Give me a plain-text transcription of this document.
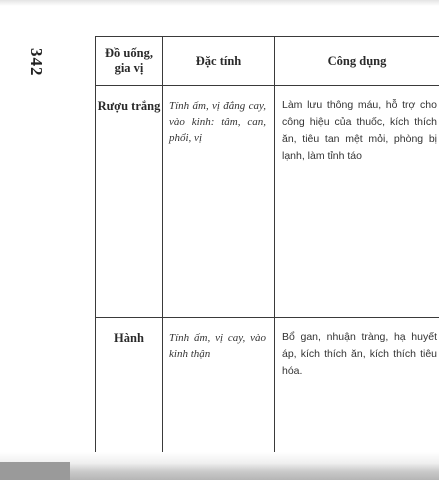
342	Đồ uống, gia vị	Đặc tính	Công dụng
Rượu trắng	Tính ấm, vị đắng cay, vào kinh: tâm, can, phổi, vị	Làm lưu thông máu, hỗ trợ cho công hiệu của thuốc, kích thích ăn, tiêu tan mệt mỏi, phòng bị lạnh, làm tỉnh táo
Hành	Tính ấm, vị cay, vào kinh thận	Bổ gan, nhuận tràng, hạ huyết áp, kích thích ăn, kích thích tiêu hóa.
